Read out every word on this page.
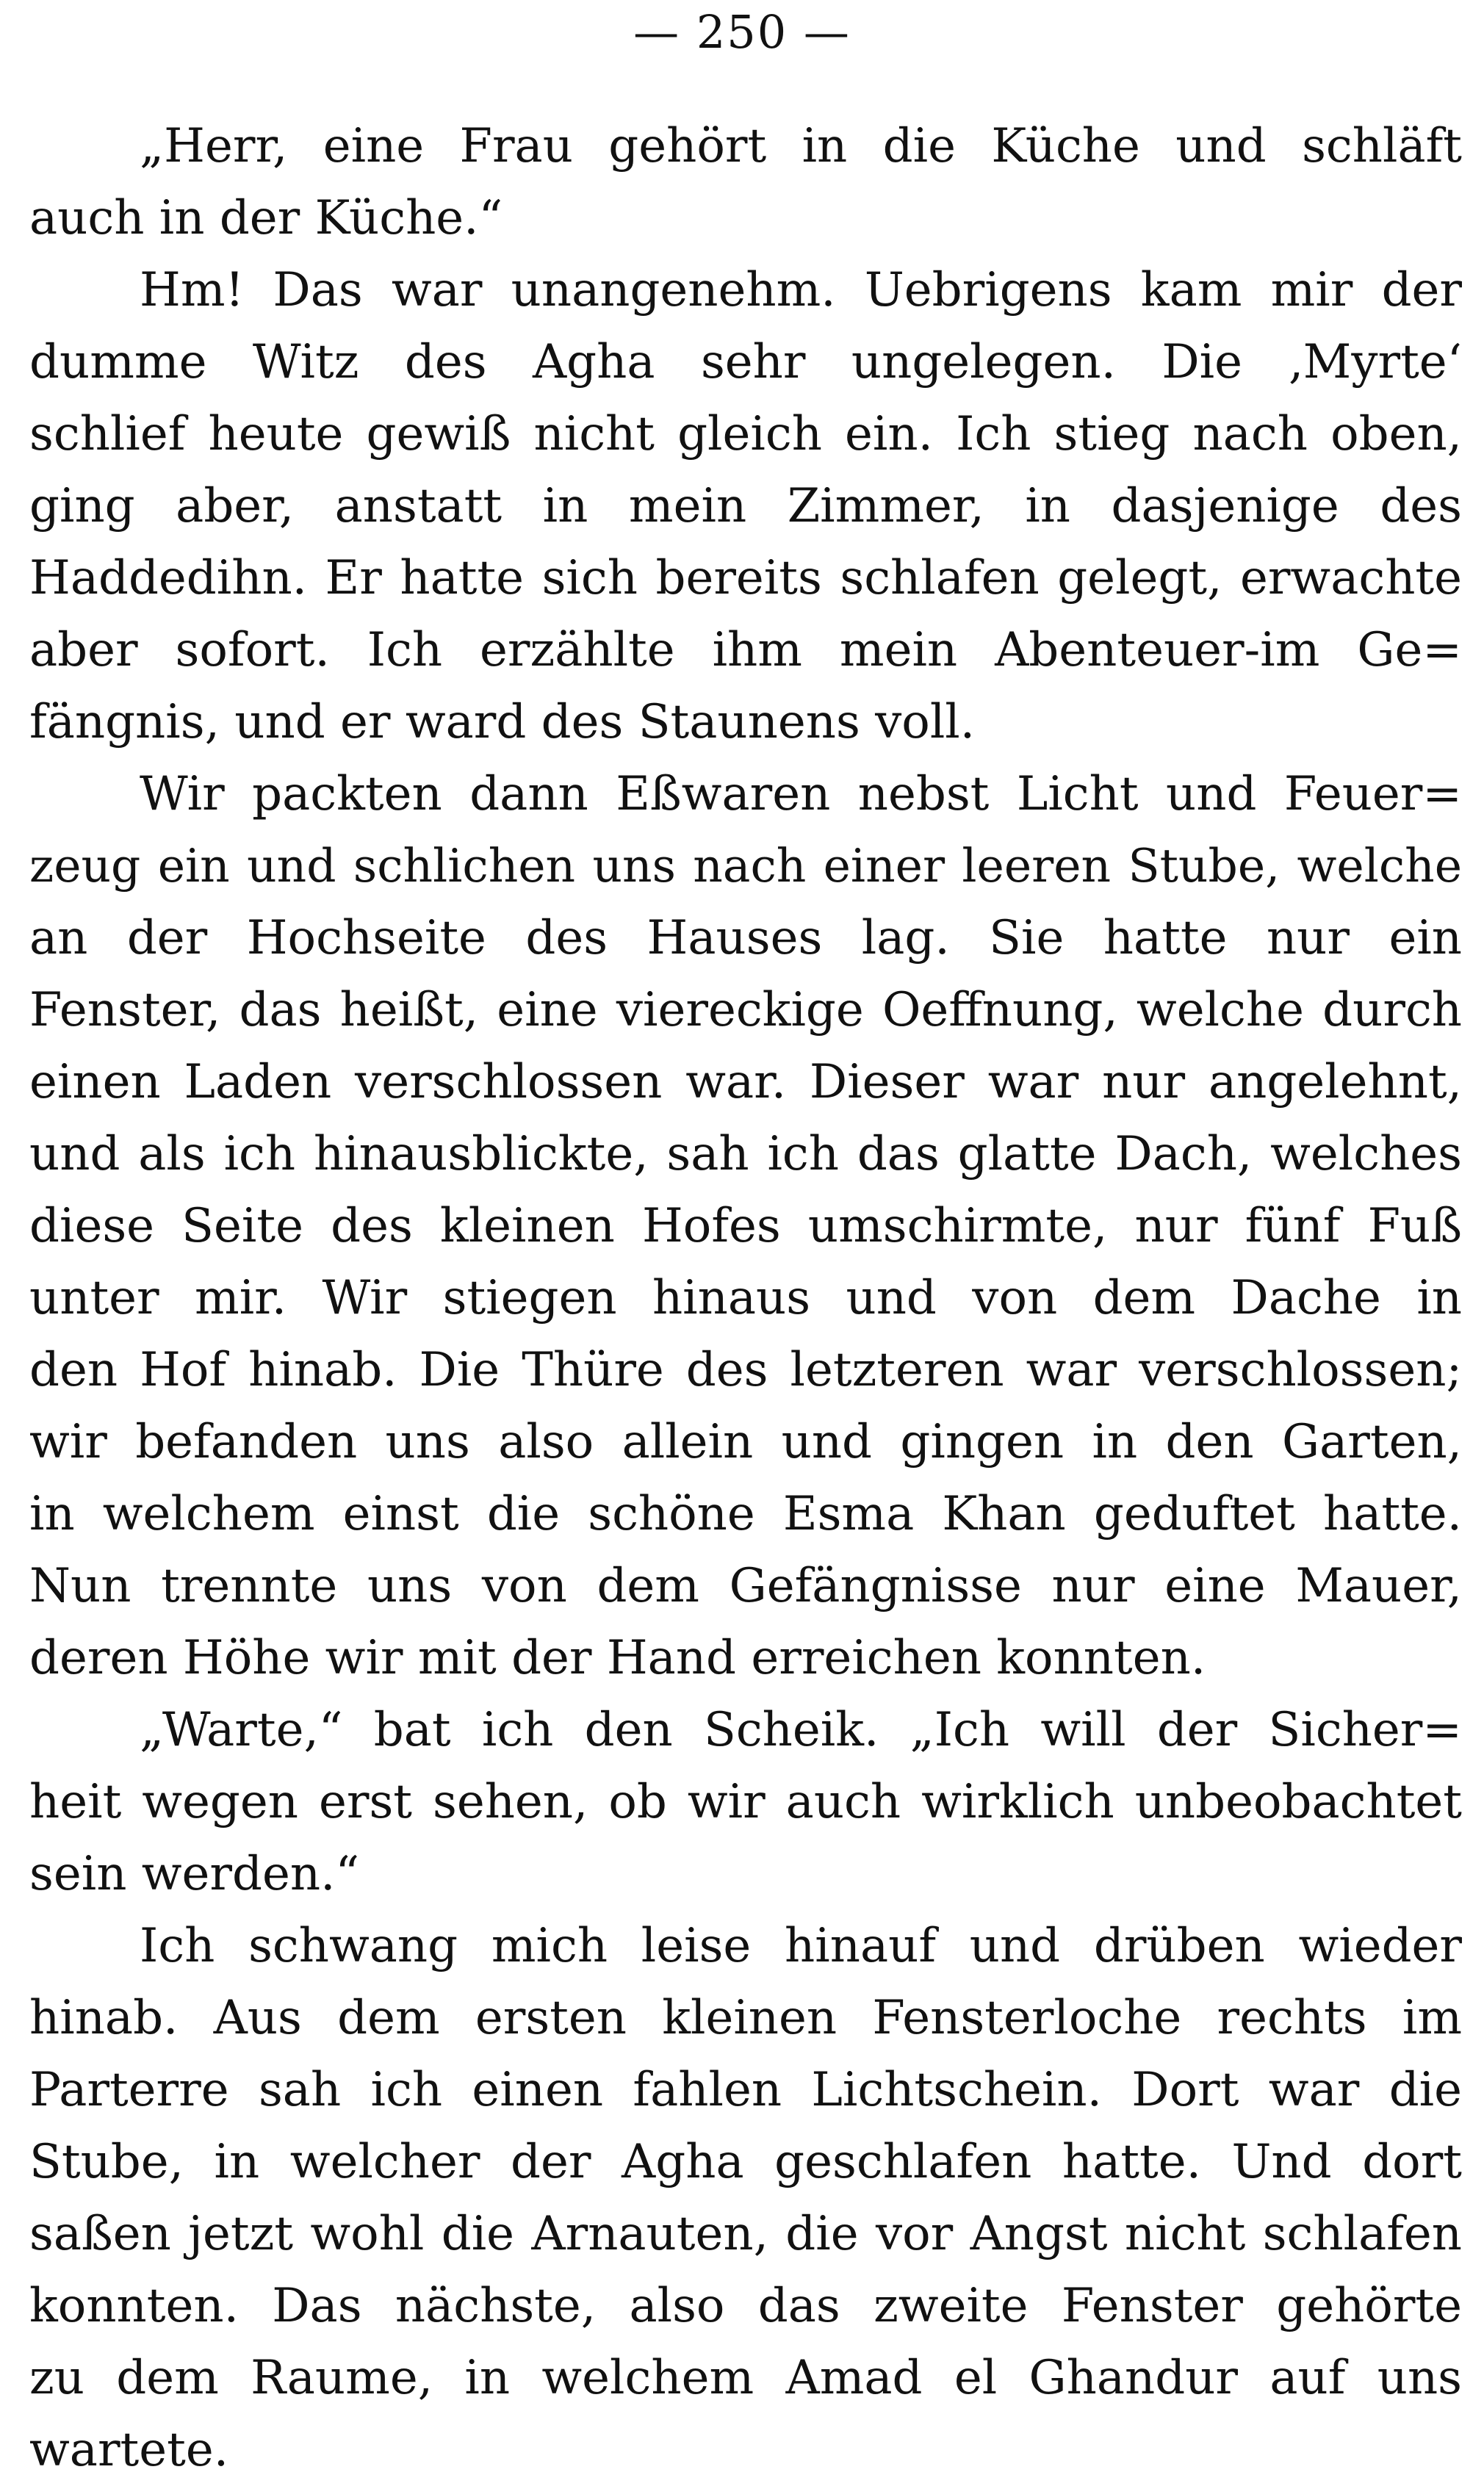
— 250 —
„Herr, eine Frau gehört in die Küche und schläft
auch in der Küche.“
Hm! Das war unangenehm. Uebrigens kam mir der
dumme Witz des Agha sehr ungelegen. Die ‚Myrte‘
schlief heute gewiß nicht gleich ein. Ich stieg nach oben,
ging aber, anstatt in mein Zimmer, in dasjenige des
Haddedihn. Er hatte sich bereits schlafen gelegt, erwachte
aber sofort. Ich erzählte ihm mein Abenteuer-im Ge=
fängnis, und er ward des Staunens voll.
Wir packten dann Eßwaren nebst Licht und Feuer=
zeug ein und schlichen uns nach einer leeren Stube, welche
an der Hochseite des Hauses lag. Sie hatte nur ein
Fenster, das heißt, eine viereckige Oeffnung, welche durch
einen Laden verschlossen war. Dieser war nur angelehnt,
und als ich hinausblickte, sah ich das glatte Dach, welches
diese Seite des kleinen Hofes umschirmte, nur fünf Fuß
unter mir. Wir stiegen hinaus und von dem Dache in
den Hof hinab. Die Thüre des letzteren war verschlossen;
wir befanden uns also allein und gingen in den Garten,
in welchem einst die schöne Esma Khan geduftet hatte.
Nun trennte uns von dem Gefängnisse nur eine Mauer,
deren Höhe wir mit der Hand erreichen konnten.
„Warte,“ bat ich den Scheik. „Ich will der Sicher=
heit wegen erst sehen, ob wir auch wirklich unbeobachtet
sein werden.“
Ich schwang mich leise hinauf und drüben wieder
hinab. Aus dem ersten kleinen Fensterloche rechts im
Parterre sah ich einen fahlen Lichtschein. Dort war die
Stube, in welcher der Agha geschlafen hatte. Und dort
saßen jetzt wohl die Arnauten, die vor Angst nicht schlafen
konnten. Das nächste, also das zweite Fenster gehörte
zu dem Raume, in welchem Amad el Ghandur auf uns
wartete.
